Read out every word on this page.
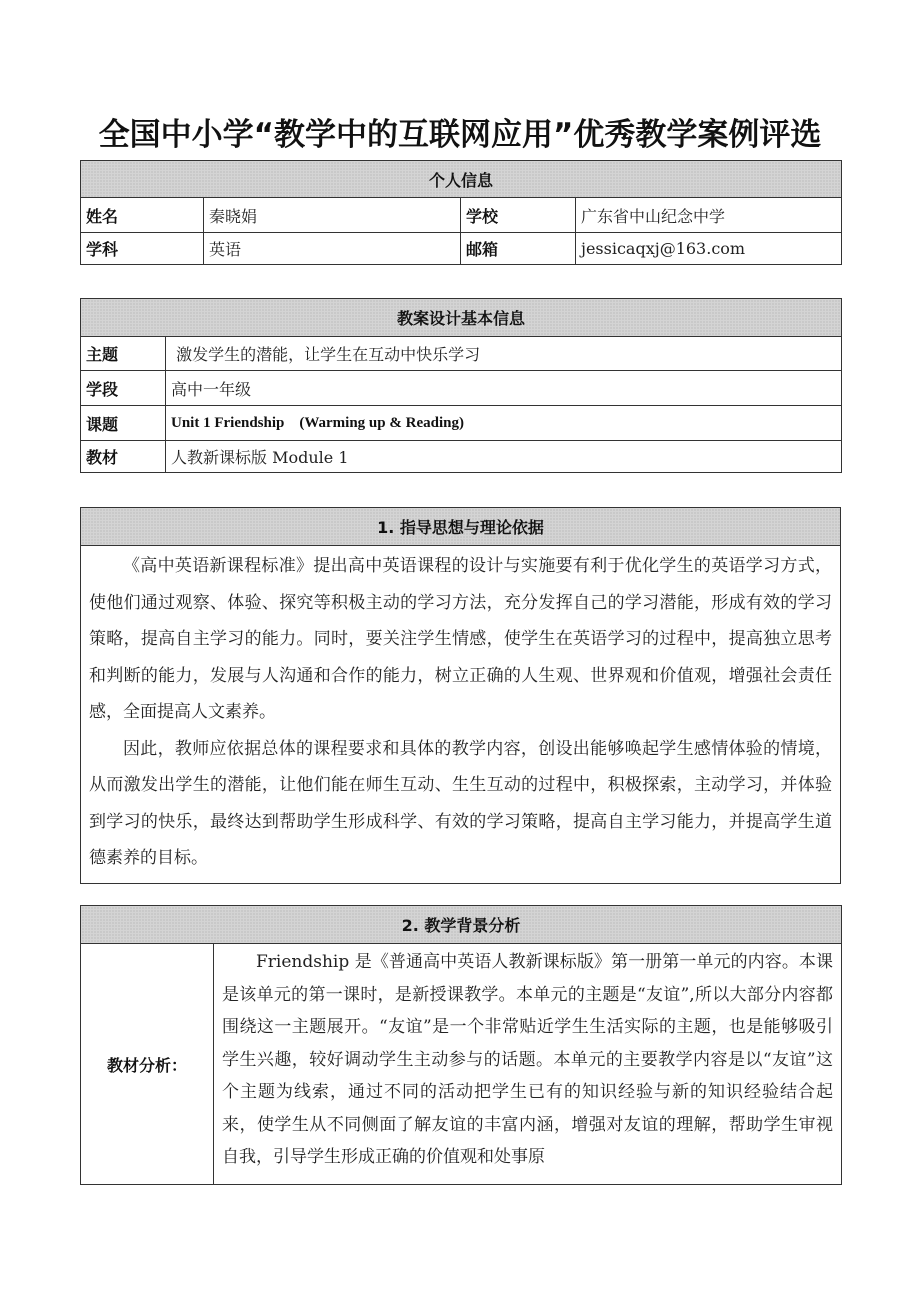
全国中小学“教学中的互联网应用”优秀教学案例评选
个人信息			
姓名	秦晓娟	学校	广东省中山纪念中学
学科	英语	邮箱	jessicaqxj@163.com
教案设计基本信息	
主题	激发学生的潜能，让学生在互动中快乐学习
学段	高中一年级
课题	Unit 1 Friendship    (Warming up & Reading)
教材	人教新课标版 Module 1
1. 指导思想与理论依据

《高中英语新课程标准》提出高中英语课程的设计与实施要有利于优化学生的英语学习方式，使他们通过观察、体验、探究等积极主动的学习方法，充分发挥自己的学习潜能，形成有效的学习策略，提高自主学习的能力。同时，要关注学生情感，使学生在英语学习的过程中，提高独立思考和判断的能力，发展与人沟通和合作的能力，树立正确的人生观、世界观和价值观，增强社会责任感，全面提高人文素养。

因此，教师应依据总体的课程要求和具体的教学内容，创设出能够唤起学生感情体验的情境，从而激发出学生的潜能，让他们能在师生互动、生生互动的过程中，积极探索，主动学习，并体验到学习的快乐，最终达到帮助学生形成科学、有效的学习策略，提高自主学习能力，并提高学生道德素养的目标。

2. 教学背景分析
教材分析：	

Friendship 是《普通高中英语人教新课标版》第一册第一单元的内容。本课是该单元的第一课时，是新授课教学。本单元的主题是“友谊”,所以大部分内容都围绕这一主题展开。“友谊”是一个非常贴近学生生活实际的主题，也是能够吸引学生兴趣，较好调动学生主动参与的话题。本单元的主要教学内容是以“友谊”这个主题为线索，通过不同的活动把学生已有的知识经验与新的知识经验结合起来，使学生从不同侧面了解友谊的丰富内涵，增强对友谊的理解，帮助学生审视自我，引导学生形成正确的价值观和处事原
